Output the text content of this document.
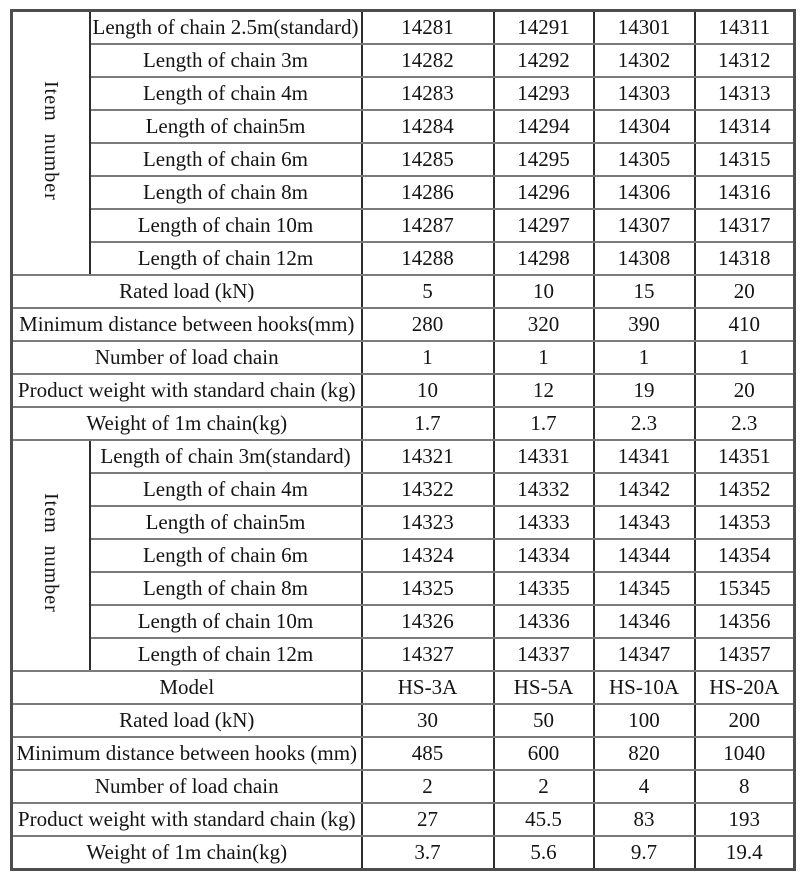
Item  number	Length of chain 2.5m(standard)	14281	14291	14301	14311
	Length of chain 3m	14282	14292	14302	14312
	Length of chain 4m	14283	14293	14303	14313
	Length of chain5m	14284	14294	14304	14314
	Length of chain 6m	14285	14295	14305	14315
	Length of chain 8m	14286	14296	14306	14316
	Length of chain 10m	14287	14297	14307	14317
	Length of chain 12m	14288	14298	14308	14318
Rated load (kN)		5	10	15	20
Minimum distance between hooks(mm)		280	320	390	410
Number of load chain		1	1	1	1
Product weight with standard chain (kg)		10	12	19	20
Weight of 1m chain(kg)		1.7	1.7	2.3	2.3
Item  number	Length of chain 3m(standard)	14321	14331	14341	14351
	Length of chain 4m	14322	14332	14342	14352
	Length of chain5m	14323	14333	14343	14353
	Length of chain 6m	14324	14334	14344	14354
	Length of chain 8m	14325	14335	14345	15345
	Length of chain 10m	14326	14336	14346	14356
	Length of chain 12m	14327	14337	14347	14357
Model		HS-3A	HS-5A	HS-10A	HS-20A
Rated load (kN)		30	50	100	200
Minimum distance between hooks (mm)		485	600	820	1040
Number of load chain		2	2	4	8
Product weight with standard chain (kg)		27	45.5	83	193
Weight of 1m chain(kg)		3.7	5.6	9.7	19.4
